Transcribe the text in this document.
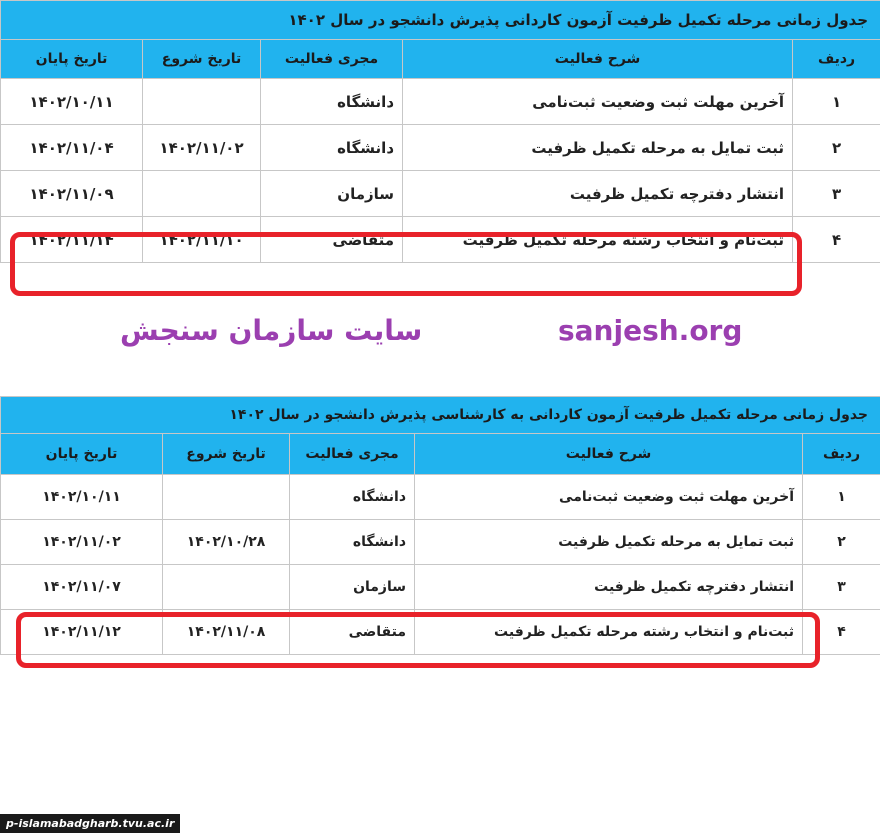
جدول زمانی مرحله تکمیل ظرفیت آزمون کاردانی پذیرش دانشجو در سال ۱۴۰۲				
ردیف	شرح فعالیت	مجری فعالیت	تاریخ شروع	تاریخ پایان
۱	آخرین مهلت ثبت وضعیت ثبت‌نامی	دانشگاه		۱۴۰۲/۱۰/۱۱
۲	ثبت تمایل به مرحله تکمیل ظرفیت	دانشگاه	۱۴۰۲/۱۱/۰۲	۱۴۰۲/۱۱/۰۴
۳	انتشار دفترچه تکمیل ظرفیت	سازمان		۱۴۰۲/۱۱/۰۹
۴	ثبت‌نام و انتخاب رشته مرحله تکمیل ظرفیت	متقاضی	۱۴۰۲/۱۱/۱۰	۱۴۰۲/۱۱/۱۴
سایت سازمان سنجش	sanjesh.org
جدول زمانی مرحله تکمیل ظرفیت آزمون کاردانی به کارشناسی پذیرش دانشجو در سال ۱۴۰۲				
ردیف	شرح فعالیت	مجری فعالیت	تاریخ شروع	تاریخ پایان
۱	آخرین مهلت ثبت وضعیت ثبت‌نامی	دانشگاه		۱۴۰۲/۱۰/۱۱
۲	ثبت تمایل به مرحله تکمیل ظرفیت	دانشگاه	۱۴۰۲/۱۰/۲۸	۱۴۰۲/۱۱/۰۲
۳	انتشار دفترچه تکمیل ظرفیت	سازمان		۱۴۰۲/۱۱/۰۷
۴	ثبت‌نام و انتخاب رشته مرحله تکمیل ظرفیت	متقاضی	۱۴۰۲/۱۱/۰۸	۱۴۰۲/۱۱/۱۲
p-islamabadgharb.tvu.ac.ir
